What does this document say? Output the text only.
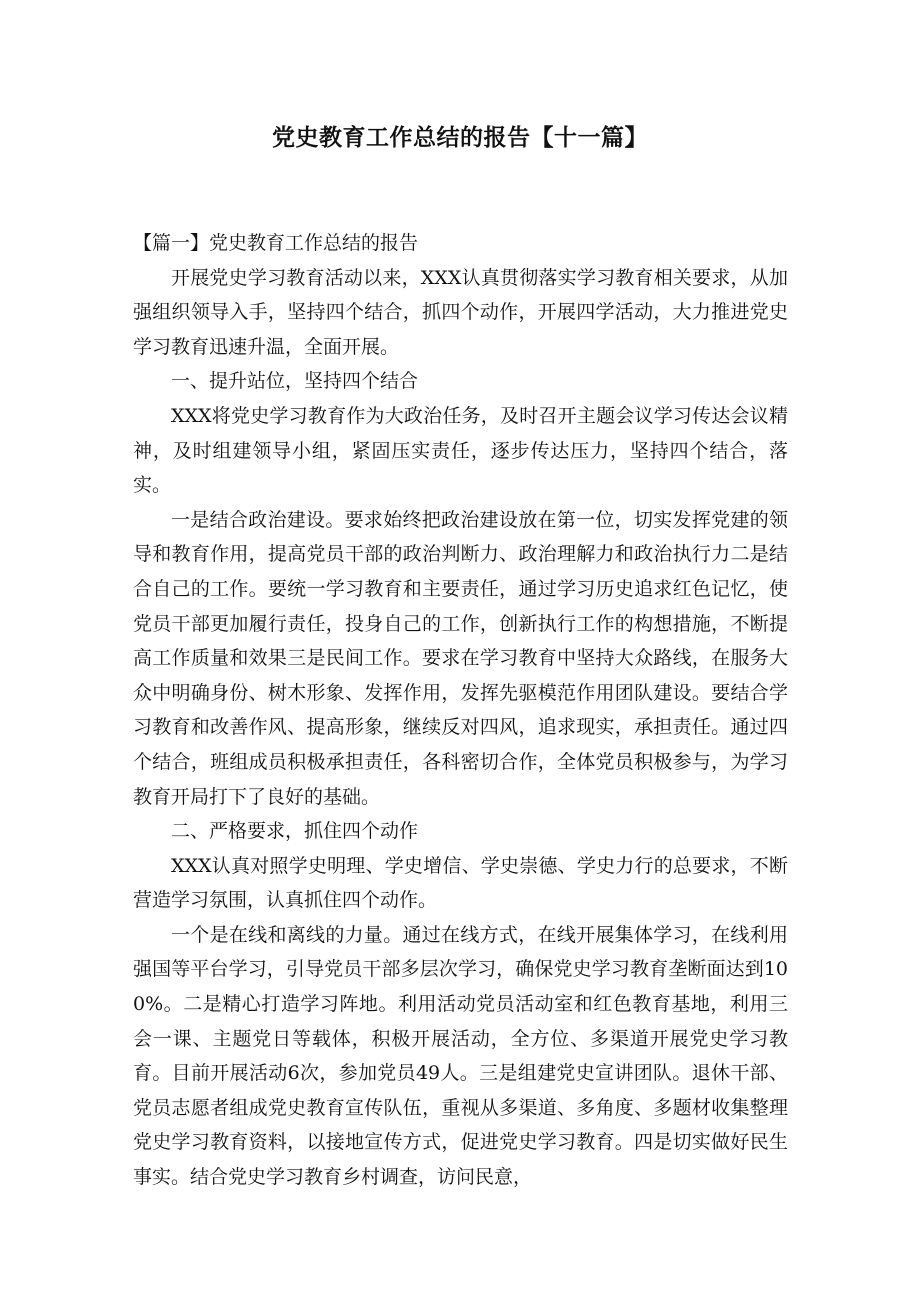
党史教育工作总结的报告【十一篇】

【篇一】党史教育工作总结的报告

开展党史学习教育活动以来，XXX认真贯彻落实学习教育相关要求，从加强组织领导入手，坚持四个结合，抓四个动作，开展四学活动，大力推进党史学习教育迅速升温，全面开展。

一、提升站位，坚持四个结合

XXX将党史学习教育作为大政治任务，及时召开主题会议学习传达会议精神，及时组建领导小组，紧固压实责任，逐步传达压力，坚持四个结合，落实。

一是结合政治建设。要求始终把政治建设放在第一位，切实发挥党建的领导和教育作用，提高党员干部的政治判断力、政治理解力和政治执行力二是结合自己的工作。要统一学习教育和主要责任，通过学习历史追求红色记忆，使党员干部更加履行责任，投身自己的工作，创新执行工作的构想措施，不断提高工作质量和效果三是民间工作。要求在学习教育中坚持大众路线，在服务大众中明确身份、树木形象、发挥作用，发挥先驱模范作用团队建设。要结合学习教育和改善作风、提高形象，继续反对四风，追求现实，承担责任。通过四个结合，班组成员积极承担责任，各科密切合作，全体党员积极参与，为学习教育开局打下了良好的基础。

二、严格要求，抓住四个动作

XXX认真对照学史明理、学史增信、学史崇德、学史力行的总要求，不断营造学习氛围，认真抓住四个动作。

一个是在线和离线的力量。通过在线方式，在线开展集体学习，在线利用强国等平台学习，引导党员干部多层次学习，确保党史学习教育垄断面达到100%。二是精心打造学习阵地。利用活动党员活动室和红色教育基地，利用三会一课、主题党日等载体，积极开展活动，全方位、多渠道开展党史学习教育。目前开展活动6次，参加党员49人。三是组建党史宣讲团队。退休干部、党员志愿者组成党史教育宣传队伍，重视从多渠道、多角度、多题材收集整理党史学习教育资料，以接地宣传方式，促进党史学习教育。四是切实做好民生事实。结合党史学习教育乡村调查，访问民意，
